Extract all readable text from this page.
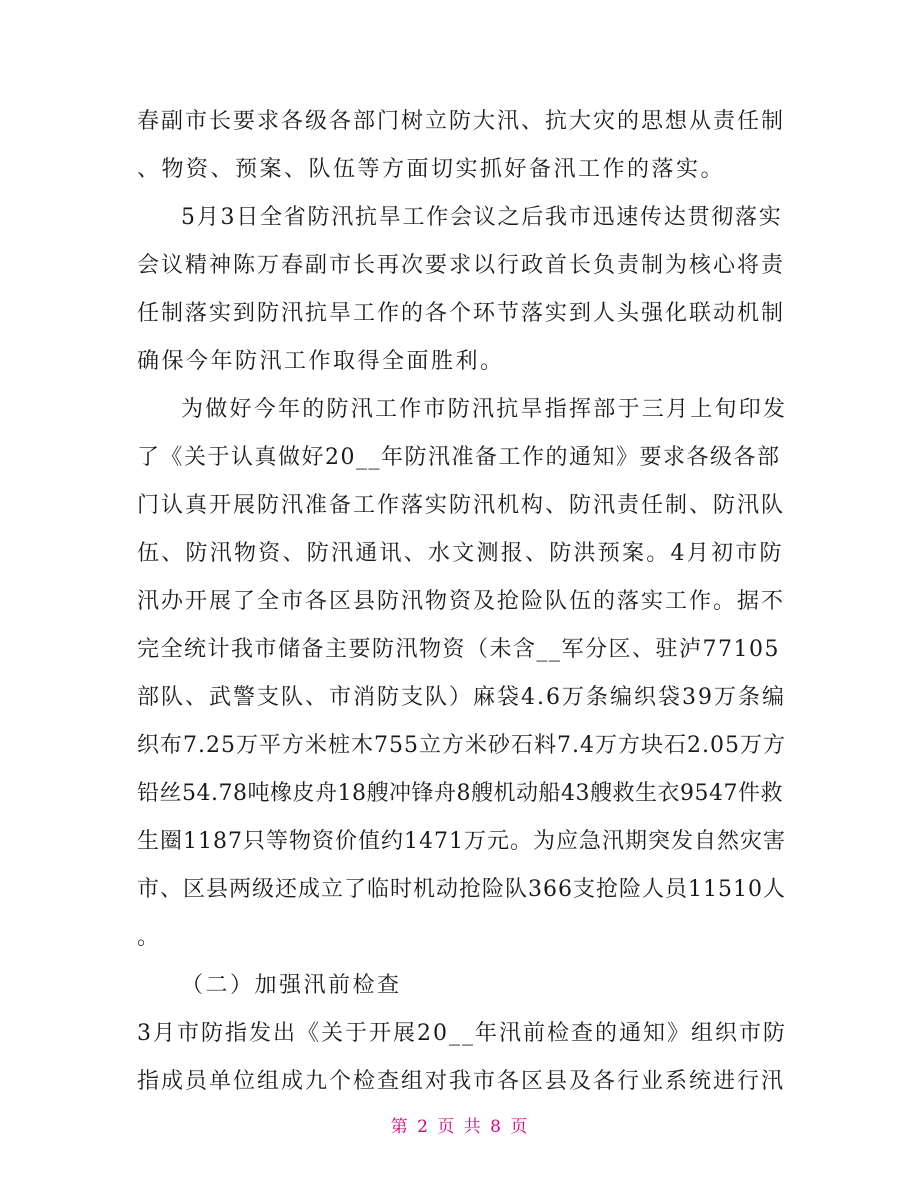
春副市长要求各级各部门树立防大汛、抗大灾的思想从责任制
、物资、预案、队伍等方面切实抓好备汛工作的落实。
5月3日全省防汛抗旱工作会议之后我市迅速传达贯彻落实
会议精神陈万春副市长再次要求以行政首长负责制为核心将责
任制落实到防汛抗旱工作的各个环节落实到人头强化联动机制
确保今年防汛工作取得全面胜利。
为做好今年的防汛工作市防汛抗旱指挥部于三月上旬印发
了《关于认真做好20__年防汛准备工作的通知》要求各级各部
门认真开展防汛准备工作落实防汛机构、防汛责任制、防汛队
伍、防汛物资、防汛通讯、水文测报、防洪预案。4月初市防
汛办开展了全市各区县防汛物资及抢险队伍的落实工作。据不
完全统计我市储备主要防汛物资（未含__军分区、驻泸77105
部队、武警支队、市消防支队）麻袋4.6万条编织袋39万条编
织布7.25万平方米桩木755立方米砂石料7.4万方块石2.05万方
铅丝54.78吨橡皮舟18艘冲锋舟8艘机动船43艘救生衣9547件救
生圈1187只等物资价值约1471万元。为应急汛期突发自然灾害
市、区县两级还成立了临时机动抢险队366支抢险人员11510人
。
（二）加强汛前检查
3月市防指发出《关于开展20__年汛前检查的通知》组织市防
指成员单位组成九个检查组对我市各区县及各行业系统进行汛
第 2 页 共 8 页
